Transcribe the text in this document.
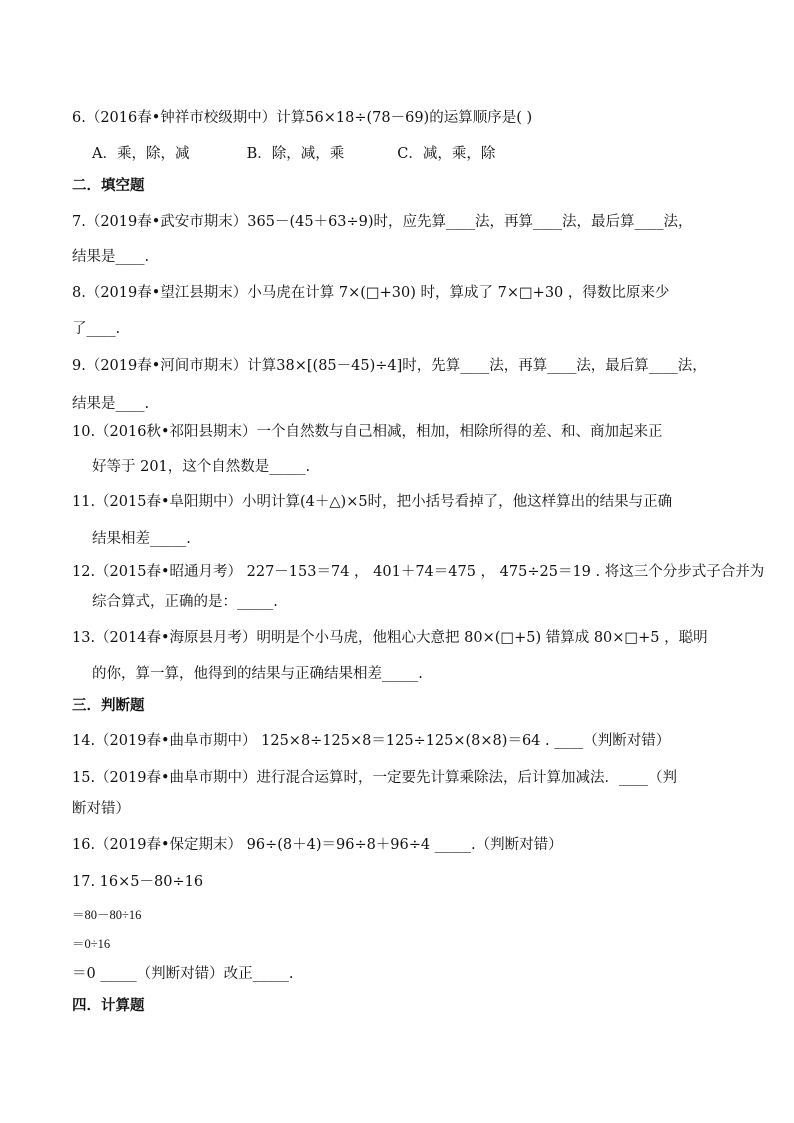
6.（2016春•钟祥市校级期中）计算56×18÷(78－69)的运算顺序是( )
A．乘，除，减	B．除，减，乘	C．减，乘，除
二．填空题
7.（2019春•武安市期末）365－(45＋63÷9)时，应先算____法，再算____法，最后算____法，
结果是____.
8.（2019春•望江县期末）小马虎在计算 7×(□+30) 时，算成了 7×□+30 ，得数比原来少
了____.
9.（2019春•河间市期末）计算38×[(85－45)÷4]时，先算____法，再算____法，最后算____法，
结果是____.
10.（2016秋•祁阳县期末）一个自然数与自己相减，相加，相除所得的差、和、商加起来正
好等于 201，这个自然数是_____.
11.（2015春•阜阳期中）小明计算(4＋△)×5时，把小括号看掉了，他这样算出的结果与正确
结果相差_____.
12.（2015春•昭通月考） 227－153＝74 ， 401＋74＝475 ， 475÷25＝19 . 将这三个分步式子合并为
综合算式，正确的是：_____.
13.（2014春•海原县月考）明明是个小马虎，他粗心大意把 80×(□+5) 错算成 80×□+5 ，聪明
的你，算一算，他得到的结果与正确结果相差_____.
三．判断题
14.（2019春•曲阜市期中） 125×8÷125×8＝125÷125×(8×8)＝64 . ____（判断对错）
15.（2019春•曲阜市期中）进行混合运算时，一定要先计算乘除法，后计算加减法．____（判
断对错）
16.（2019春•保定期末） 96÷(8＋4)＝96÷8＋96÷4 _____.（判断对错）
17. 16×5－80÷16
＝80－80÷16
＝0÷16
＝0 _____（判断对错）改正_____.
四．计算题
